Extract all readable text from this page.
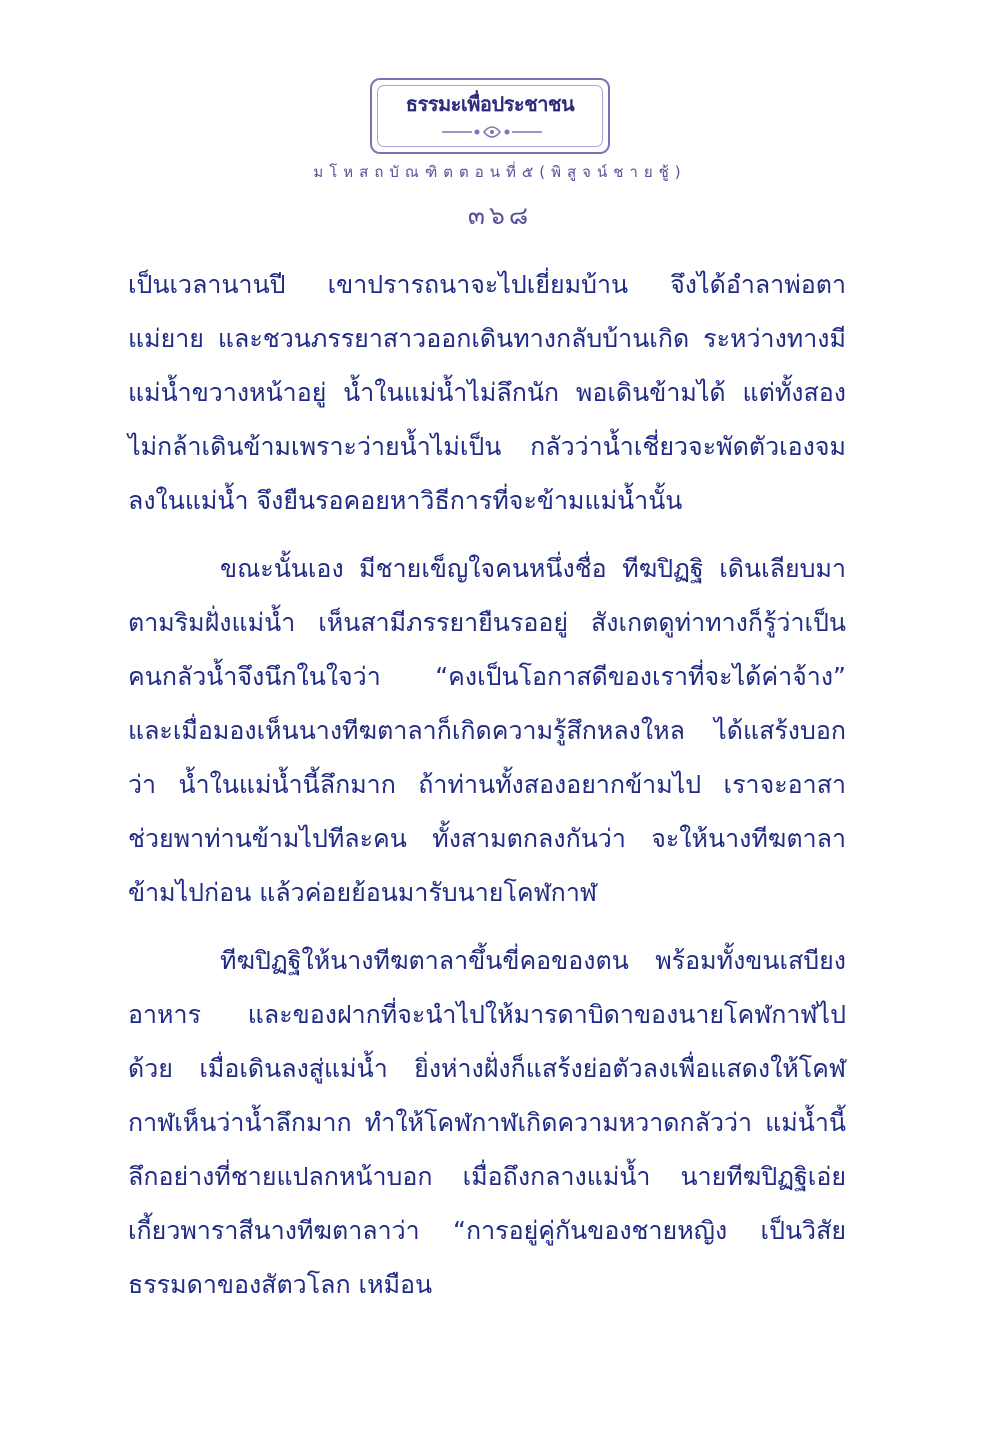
ธรรมะเพื่อประชาชน
มโหสถบัณฑิตตอนที่๕(พิสูจน์ชายชู้)
๓๖๘

เป็นเวลานานปี เขาปรารถนาจะไปเยี่ยมบ้าน จึงได้อำลาพ่อตาแม่ยาย และชวนภรรยาสาวออกเดินทางกลับบ้านเกิด ระหว่างทางมีแม่น้ำขวางหน้าอยู่ น้ำในแม่น้ำไม่ลึกนัก พอเดินข้ามได้ แต่ทั้งสองไม่กล้าเดินข้ามเพราะว่ายน้ำไม่เป็น กลัวว่าน้ำเชี่ยวจะพัดตัวเองจมลงในแม่น้ำ จึงยืนรอคอยหาวิธีการที่จะข้ามแม่น้ำนั้น

ขณะนั้นเอง มีชายเข็ญใจคนหนึ่งชื่อ ทีฆปิฏฐิ เดินเลียบมาตามริมฝั่งแม่น้ำ เห็นสามีภรรยายืนรออยู่ สังเกตดูท่าทางก็รู้ว่าเป็นคนกลัวน้ำจึงนึกในใจว่า “คงเป็นโอกาสดีของเราที่จะได้ค่าจ้าง” และเมื่อมองเห็นนางทีฆตาลาก็เกิดความรู้สึกหลงใหล ได้แสร้งบอกว่า น้ำในแม่น้ำนี้ลึกมาก ถ้าท่านทั้งสองอยากข้ามไป เราจะอาสาช่วยพาท่านข้ามไปทีละคน ทั้งสามตกลงกันว่า จะให้นางทีฆตาลาข้ามไปก่อน แล้วค่อยย้อนมารับนายโคฬกาฬ

ทีฆปิฏฐิให้นางทีฆตาลาขึ้นขี่คอของตน พร้อมทั้งขนเสบียงอาหาร และของฝากที่จะนำไปให้มารดาบิดาของนายโคฬกาฬไปด้วย เมื่อเดินลงสู่แม่น้ำ ยิ่งห่างฝั่งก็แสร้งย่อตัวลงเพื่อแสดงให้โคฬกาฬเห็นว่าน้ำลึกมาก ทำให้โคฬกาฬเกิดความหวาดกลัวว่า แม่น้ำนี้ลึกอย่างที่ชายแปลกหน้าบอก เมื่อถึงกลางแม่น้ำ นายทีฆปิฏฐิเอ่ยเกี้ยวพาราสีนางทีฆตาลาว่า “การอยู่คู่กันของชายหญิง เป็นวิสัยธรรมดาของสัตวโลก เหมือน
